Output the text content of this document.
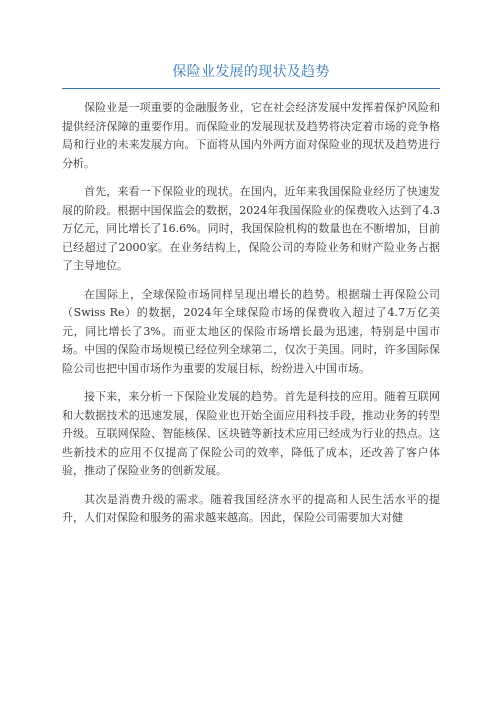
保险业发展的现状及趋势

保险业是一项重要的金融服务业，它在社会经济发展中发挥着保护风险和提供经济保障的重要作用。而保险业的发展现状及趋势将决定着市场的竞争格局和行业的未来发展方向。下面将从国内外两方面对保险业的现状及趋势进行分析。

首先，来看一下保险业的现状。在国内，近年来我国保险业经历了快速发展的阶段。根据中国保监会的数据，2024年我国保险业的保费收入达到了4.3万亿元，同比增长了16.6%。同时，我国保险机构的数量也在不断增加，目前已经超过了2000家。在业务结构上，保险公司的寿险业务和财产险业务占据了主导地位。

在国际上，全球保险市场同样呈现出增长的趋势。根据瑞士再保险公司（Swiss Re）的数据，2024年全球保险市场的保费收入超过了4.7万亿美元，同比增长了3%。而亚太地区的保险市场增长最为迅速，特别是中国市场。中国的保险市场规模已经位列全球第二，仅次于美国。同时，许多国际保险公司也把中国市场作为重要的发展目标，纷纷进入中国市场。

接下来，来分析一下保险业发展的趋势。首先是科技的应用。随着互联网和大数据技术的迅速发展，保险业也开始全面应用科技手段，推动业务的转型升级。互联网保险、智能核保、区块链等新技术应用已经成为行业的热点。这些新技术的应用不仅提高了保险公司的效率，降低了成本，还改善了客户体验，推动了保险业务的创新发展。

其次是消费升级的需求。随着我国经济水平的提高和人民生活水平的提升，人们对保险和服务的需求越来越高。因此，保险公司需要加大对健
